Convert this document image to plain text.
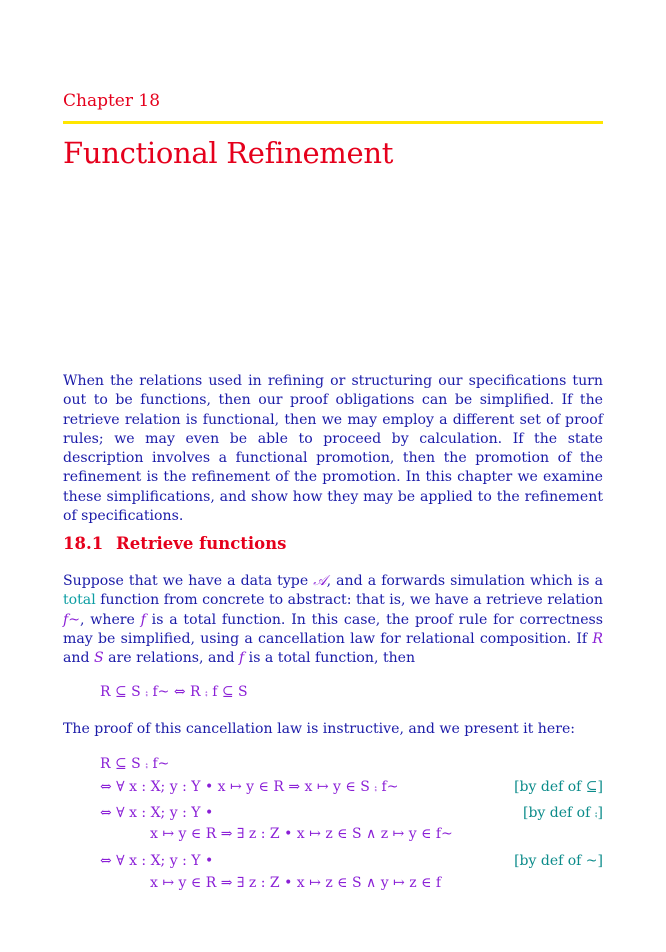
Chapter 18
Functional Refinement

When the relations used in refining or structuring our specifications turn out to be functions, then our proof obligations can be simplified. If the retrieve relation is functional, then we may employ a different set of proof rules; we may even be able to proceed by calculation. If the state description involves a functional promotion, then the promotion of the refinement is the refinement of the promotion. In this chapter we examine these simplifications, and show how they may be applied to the refinement of specifications.

18.1 Retrieve functions

Suppose that we have a data type 𝒜, and a forwards simulation which is a total function from concrete to abstract: that is, we have a retrieve relation f~, where f is a total function. In this case, the proof rule for correctness may be simplified, using a cancellation law for relational composition. If R and S are relations, and f is a total function, then

R ⊆ S ⨾ f~ ⇔ R ⨾ f ⊆ S

The proof of this cancellation law is instructive, and we present it here:

R ⊆ S ⨾ f~
⇔ ∀ x : X; y : Y • x ↦ y ∈ R ⇒ x ↦ y ∈ S ⨾ f~	[by def of ⊆]
⇔ ∀ x : X; y : Y •	[by def of ⨾]
x ↦ y ∈ R ⇒ ∃ z : Z • x ↦ z ∈ S ∧ z ↦ y ∈ f~
⇔ ∀ x : X; y : Y •	[by def of ~]
x ↦ y ∈ R ⇒ ∃ z : Z • x ↦ z ∈ S ∧ y ↦ z ∈ f
